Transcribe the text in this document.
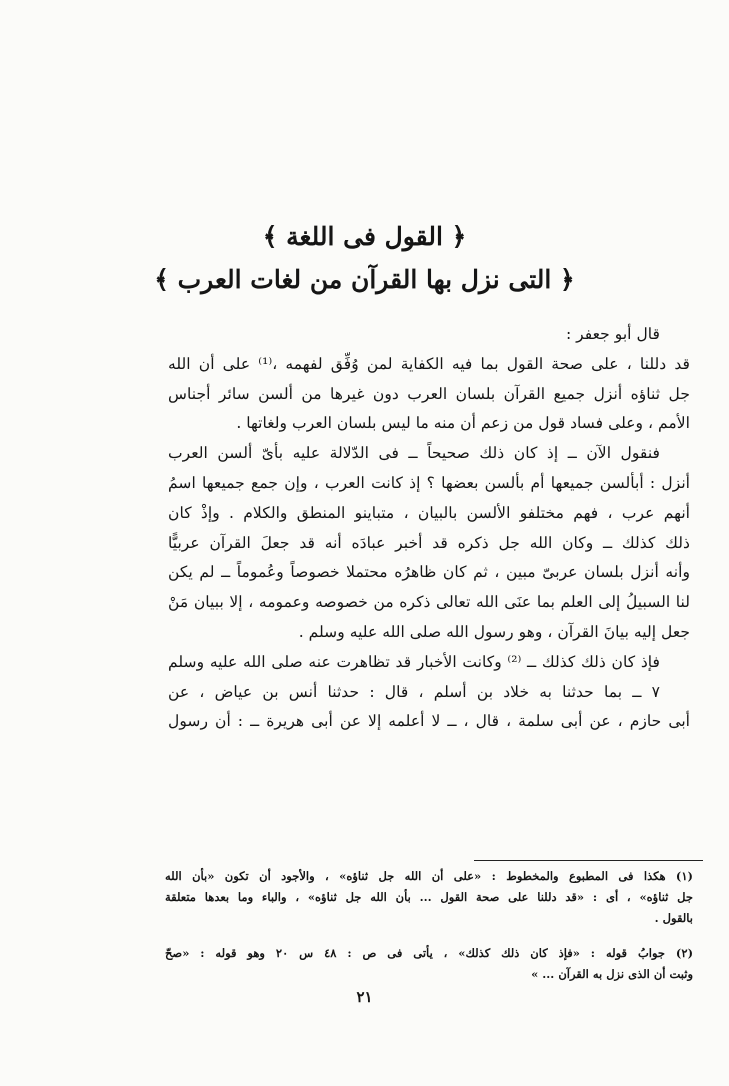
﴿ القول فى اللغة ﴾
﴿ التى نزل بها القرآن من لغات العرب ﴾
قال أبو جعفر :
قد دللنا ، على صحة القول بما فيه الكفاية لمن وُفِّق لفهمه ،⁽¹⁾ على أن الله
جل ثناؤه أنزل جميع القرآن بلسان العرب دون غيرها من ألسن سائر أجناس
الأمم ، وعلى فساد قول من زعم أن منه ما ليس بلسان العرب ولغاتها .
فنقول الآن ــ إذ كان ذلك صحيحاً ــ فى الدّلالة عليه بأىّ ألسن العرب
أنزل : أبألسن جميعها أم بألسن بعضها ؟ إذ كانت العرب ، وإن جمع جميعها اسمُ
أنهم عرب ، فهم مختلفو الألسن بالبيان ، متباينو المنطق والكلام . وإذْ كان
ذلك كذلك ــ وكان الله جل ذكره قد أخبر عبادَه أنه قد جعلَ القرآن عربيًّا
وأنه أنزل بلسان عربىّ مبين ، ثم كان ظاهرُه محتملا خصوصاً وعُموماً ــ لم يكن
لنا السبيلُ إلى العلم بما عنَى الله تعالى ذكره من خصوصه وعمومه ، إلا ببيان مَنْ
جعل إليه بيانَ القرآن ، وهو رسول الله صلى الله عليه وسلم .
فإذ كان ذلك كذلك ــ ⁽²⁾ وكانت الأخبار قد تظاهرت عنه صلى الله عليه وسلم
٧ ــ بما حدثنا به خلاد بن أسلم ، قال : حدثنا أنس بن عياض ، عن
أبى حازم ، عن أبى سلمة ، قال ، ــ لا أعلمه إلا عن أبى هريرة ــ : أن رسول
(١) هكذا فى المطبوع والمخطوط : «على أن الله جل ثناؤه» ، والأجود أن تكون «بأن الله
جل ثناؤه» ، أى : «قد دللنا على صحة القول ... بأن الله جل ثناؤه» ، والباء وما بعدها متعلقة
بالقول .
(٢) جوابُ قوله : «فإذ كان ذلك كذلك» ، يأتى فى ص : ٤٨ س ٢٠ وهو قوله : «صحّ
وثبت أن الذى نزل به القرآن ... »
٢١
